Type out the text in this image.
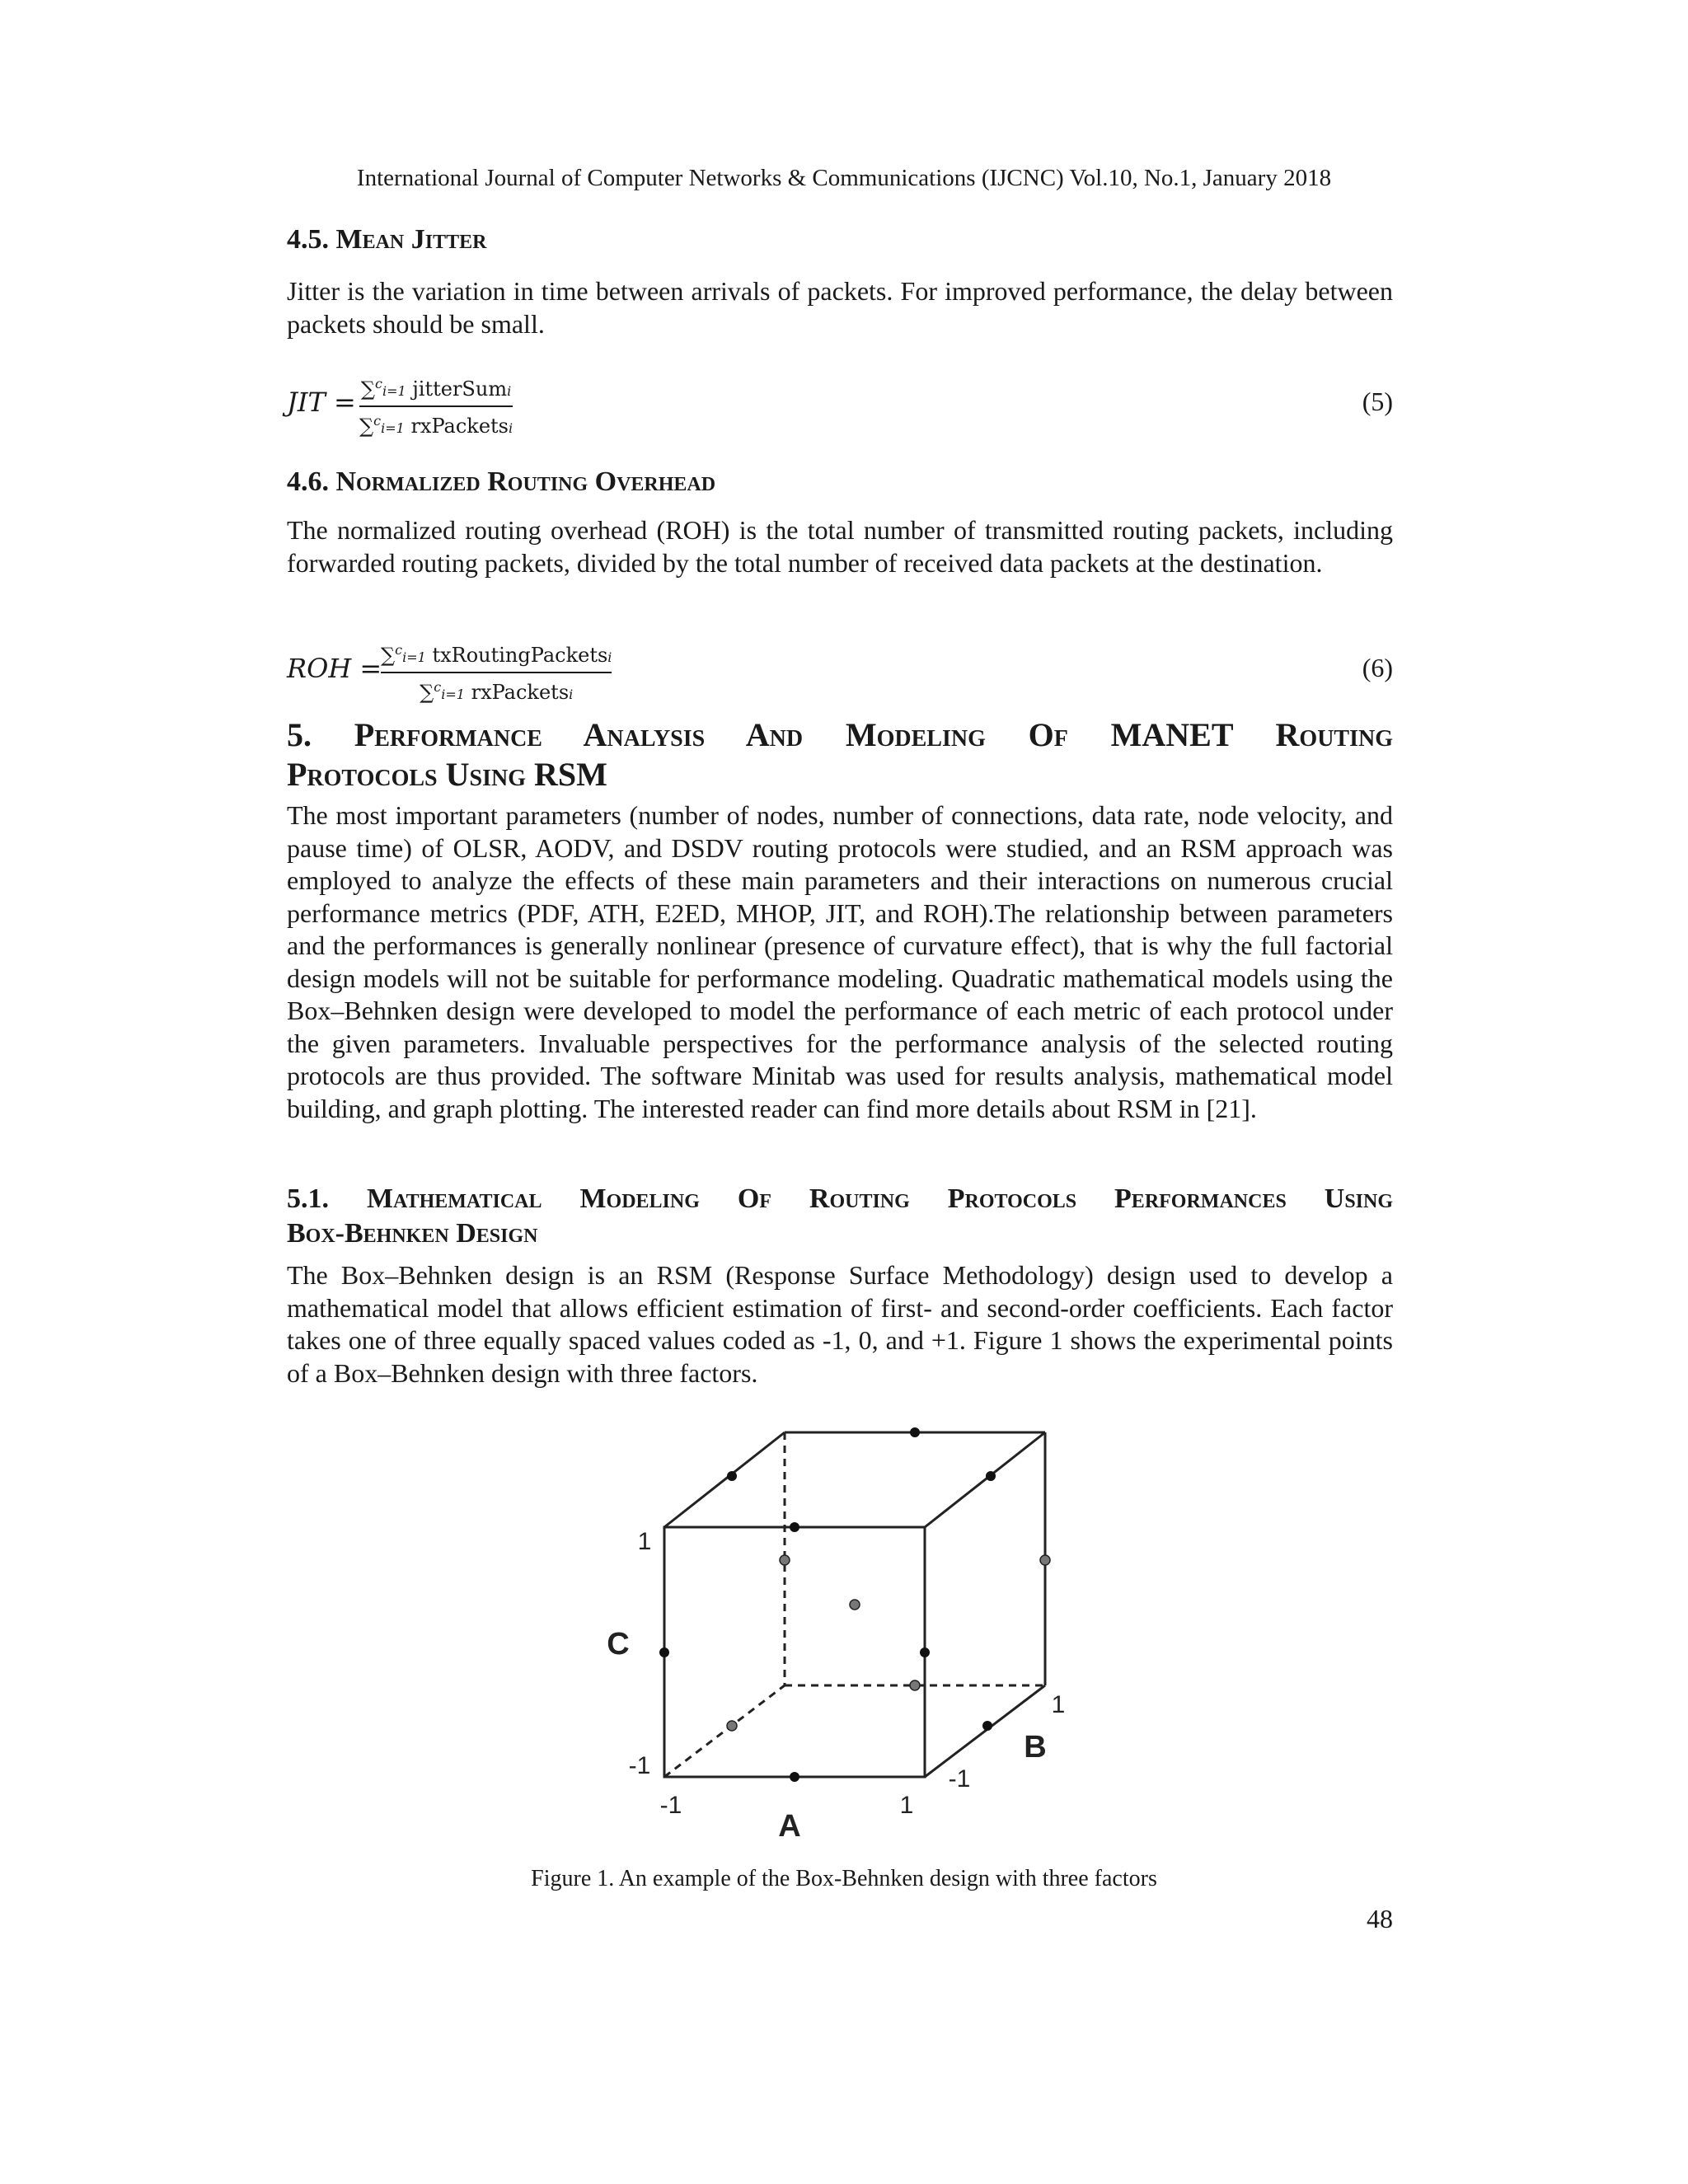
International Journal of Computer Networks & Communications (IJCNC) Vol.10, No.1, January 2018
4.5. Mean Jitter

Jitter is the variation in time between arrivals of packets. For improved performance, the delay between packets should be small.

JIT = ∑$^c$i=1 jitterSumi
∑$^c$i=1 rxPacketsi
(5)
4.6. Normalized Routing Overhead

The normalized routing overhead (ROH) is the total number of transmitted routing packets, including forwarded routing packets, divided by the total number of received data packets at the destination.

ROH =
∑$^c$i=1 txRoutingPacketsi
∑$^c$i=1 rxPacketsi
(6)
5. Performance Analysis And Modeling Of MANET Routing
Protocols Using RSM

The most important parameters (number of nodes, number of connections, data rate, node velocity, and pause time) of OLSR, AODV, and DSDV routing protocols were studied, and an RSM approach was employed to analyze the effects of these main parameters and their interactions on numerous crucial performance metrics (PDF, ATH, E2ED, MHOP, JIT, and ROH).The relationship between parameters and the performances is generally nonlinear (presence of curvature effect), that is why the full factorial design models will not be suitable for performance modeling. Quadratic mathematical models using the Box–Behnken design were developed to model the performance of each metric of each protocol under the given parameters. Invaluable perspectives for the performance analysis of the selected routing protocols are thus provided. The software Minitab was used for results analysis, mathematical model building, and graph plotting. The interested reader can find more details about RSM in [21].

5.1. Mathematical Modeling Of Routing Protocols Performances Using
Box-Behnken Design

The Box–Behnken design is an RSM (Response Surface Methodology) design used to develop a mathematical model that allows efficient estimation of first- and second-order coefficients. Each factor takes one of three equally spaced values coded as -1, 0, and +1. Figure 1 shows the experimental points of a Box–Behnken design with three factors.

1
-1
C
-1	1
A
-1
1
B
Figure 1. An example of the Box-Behnken design with three factors
48
